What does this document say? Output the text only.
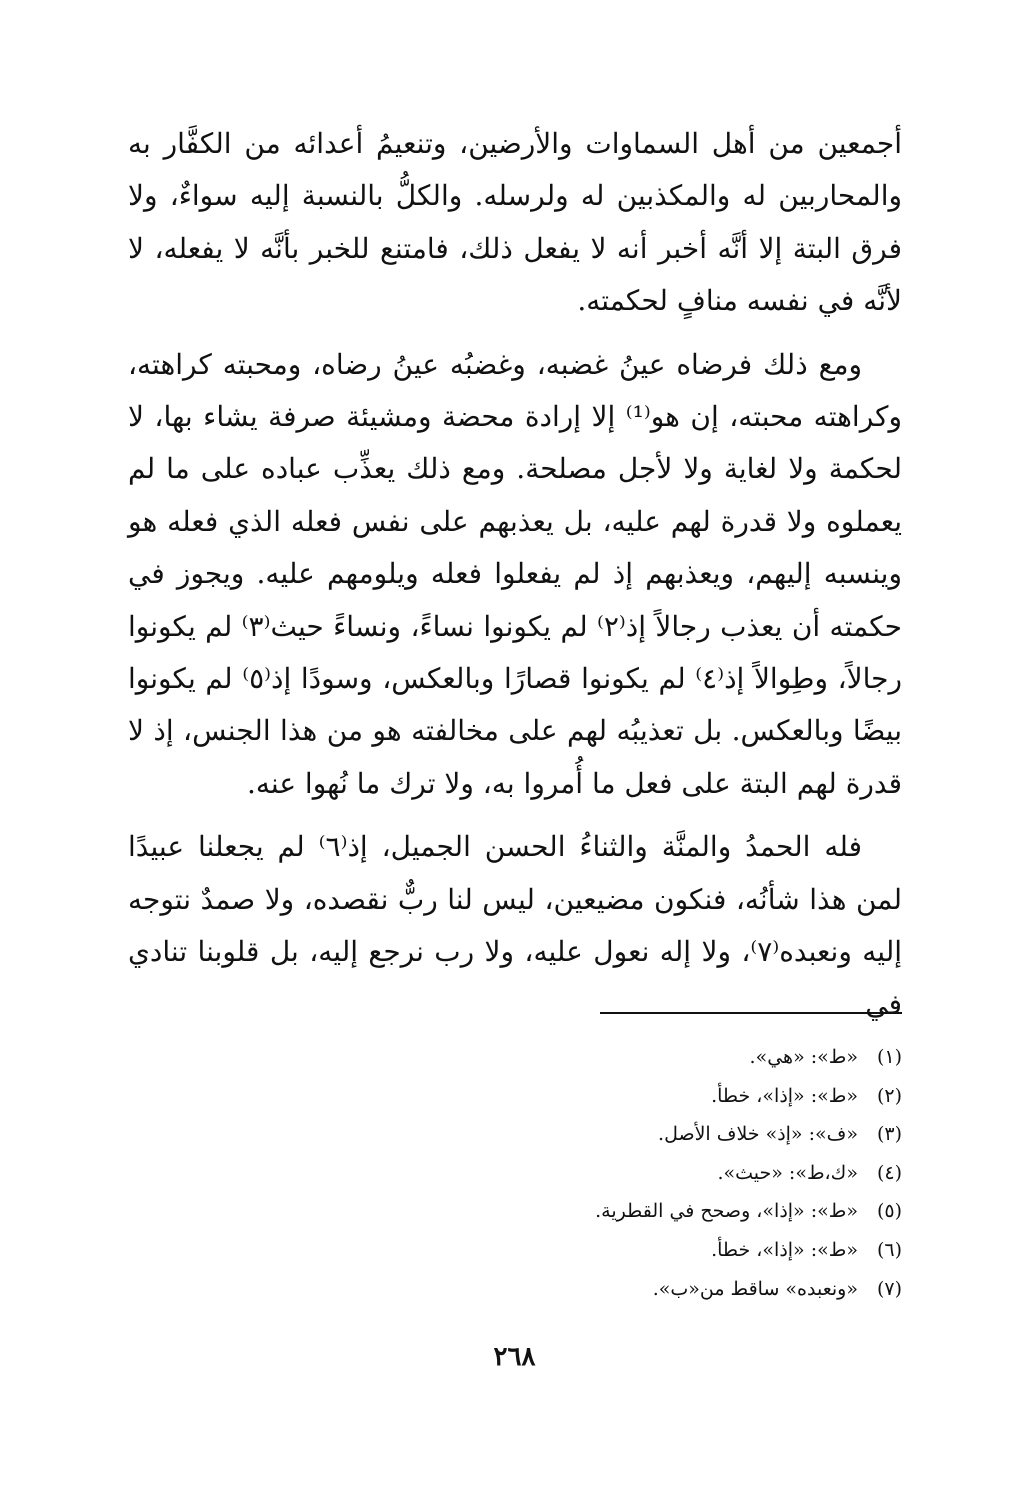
أجمعين من أهل السماوات والأرضين، وتنعيمُ أعدائه من الكفَّار به والمحاربين له والمكذبين له ولرسله. والكلُّ بالنسبة إليه سواءٌ، ولا فرق البتة إلا أنَّه أخبر أنه لا يفعل ذلك، فامتنع للخبر بأنَّه لا يفعله، لا لأنَّه في نفسه منافٍ لحكمته.

ومع ذلك فرضاه عينُ غضبه، وغضبُه عينُ رضاه، ومحبته كراهته، وكراهته محبته، إن هو⁽¹⁾ إلا إرادة محضة ومشيئة صرفة يشاء بها، لا لحكمة ولا لغاية ولا لأجل مصلحة. ومع ذلك يعذِّب عباده على ما لم يعملوه ولا قدرة لهم عليه، بل يعذبهم على نفس فعله الذي فعله هو وينسبه إليهم، ويعذبهم إذ لم يفعلوا فعله ويلومهم عليه. ويجوز في حكمته أن يعذب رجالاً إذ⁽٢⁾ لم يكونوا نساءً، ونساءً حيث⁽٣⁾ لم يكونوا رجالاً، وطِوالاً إذ⁽٤⁾ لم يكونوا قصارًا وبالعكس، وسودًا إذ⁽٥⁾ لم يكونوا بيضًا وبالعكس. بل تعذيبُه لهم على مخالفته هو من هذا الجنس، إذ لا قدرة لهم البتة على فعل ما أُمروا به، ولا ترك ما نُهوا عنه.

فله الحمدُ والمنَّة والثناءُ الحسن الجميل، إذ⁽٦⁾ لم يجعلنا عبيدًا لمن هذا شأنُه، فنكون مضيعين، ليس لنا ربٌّ نقصده، ولا صمدٌ نتوجه إليه ونعبده⁽٧⁾، ولا إله نعول عليه، ولا رب نرجع إليه، بل قلوبنا تنادي في

(١) «ط»: «هي».
(٢) «ط»: «إذا»، خطأ.
(٣) «ف»: «إذ» خلاف الأصل.
(٤) «ك،ط»: «حيث».
(٥) «ط»: «إذا»، وصحح في القطرية.
(٦) «ط»: «إذا»، خطأ.
(٧) «ونعبده» ساقط من«ب».
٢٦٨
